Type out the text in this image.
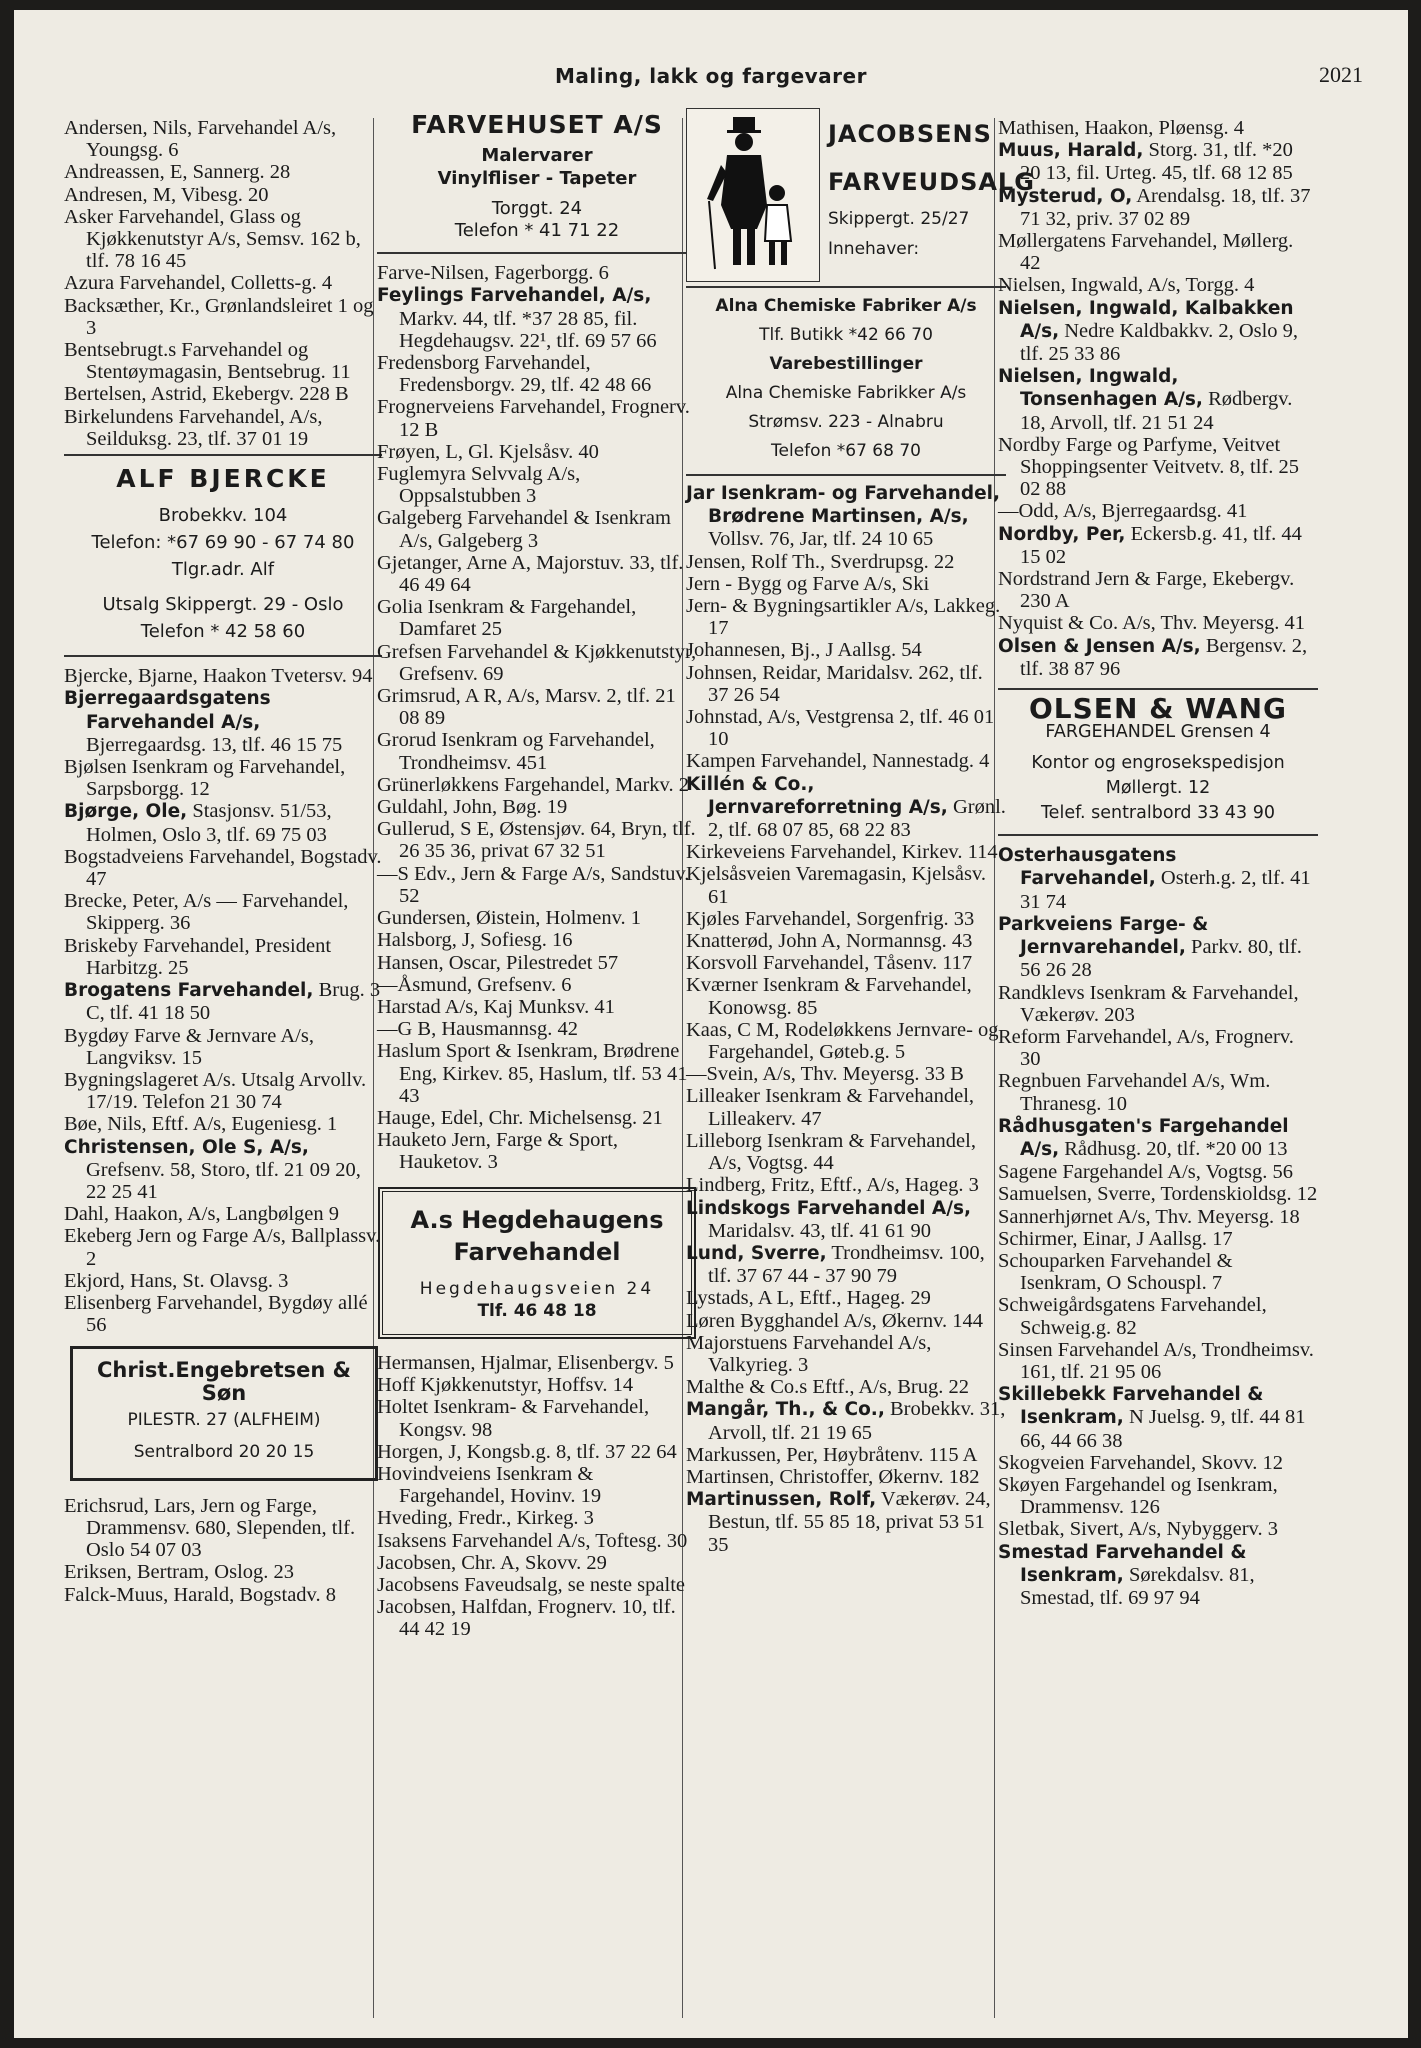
Maling, lakk og fargevarer	2021

Andersen, Nils, Farvehandel A/s, Youngsg. 6

Andreassen, E, Sannerg. 28

Andresen, M, Vibesg. 20

Asker Farvehandel, Glass og Kjøkkenutstyr A/s, Semsv. 162 b, tlf. 78 16 45

Azura Farvehandel, Colletts-g. 4

Backsæther, Kr., Grønlandsleiret 1 og 3

Bentsebrugt.s Farvehandel og Stentøymagasin, Bentsebrug. 11

Bertelsen, Astrid, Ekebergv. 228 B

Birkelundens Farvehandel, A/s, Seilduksg. 23, tlf. 37 01 19

ALF BJERCKE
Brobekkv. 104
Telefon: *67 69 90 - 67 74 80
Tlgr.adr. Alf
Utsalg Skippergt. 29 - Oslo
Telefon * 42 58 60

Bjercke, Bjarne, Haakon Tvetersv. 94

Bjerregaardsgatens Farvehandel A/s, Bjerregaardsg. 13, tlf. 46 15 75

Bjølsen Isenkram og Farvehandel, Sarpsborgg. 12

Bjørge, Ole, Stasjonsv. 51/53, Holmen, Oslo 3, tlf. 69 75 03

Bogstadveiens Farvehandel, Bogstadv. 47

Brecke, Peter, A/s — Farvehandel, Skipperg. 36

Briskeby Farvehandel, President Harbitzg. 25

Brogatens Farvehandel, Brug. 3 C, tlf. 41 18 50

Bygdøy Farve & Jernvare A/s, Langviksv. 15

Bygningslageret A/s. Utsalg Arvollv. 17/19. Telefon 21 30 74

Bøe, Nils, Eftf. A/s, Eugeniesg. 1

Christensen, Ole S, A/s, Grefsenv. 58, Storo, tlf. 21 09 20, 22 25 41

Dahl, Haakon, A/s, Langbølgen 9

Ekeberg Jern og Farge A/s, Ballplassv. 2

Ekjord, Hans, St. Olavsg. 3

Elisenberg Farvehandel, Bygdøy allé 56

Christ.Engebretsen & Søn
PILESTR. 27 (ALFHEIM)
Sentralbord 20 20 15

Erichsrud, Lars, Jern og Farge, Drammensv. 680, Slependen, tlf. Oslo 54 07 03

Eriksen, Bertram, Oslog. 23

Falck-Muus, Harald, Bogstadv. 8

FARVEHUSET A/S
Malervarer
Vinylfliser - Tapeter
Torggt. 24
Telefon * 41 71 22

Farve-Nilsen, Fagerborgg. 6

Feylings Farvehandel, A/s, Markv. 44, tlf. *37 28 85, fil. Hegdehaugsv. 22¹, tlf. 69 57 66

Fredensborg Farvehandel, Fredensborgv. 29, tlf. 42 48 66

Frognerveiens Farvehandel, Frognerv. 12 B

Frøyen, L, Gl. Kjelsåsv. 40

Fuglemyra Selvvalg A/s, Oppsalstubben 3

Galgeberg Farvehandel & Isenkram A/s, Galgeberg 3

Gjetanger, Arne A, Majorstuv. 33, tlf. 46 49 64

Golia Isenkram & Fargehandel, Damfaret 25

Grefsen Farvehandel & Kjøkkenutstyr, Grefsenv. 69

Grimsrud, A R, A/s, Marsv. 2, tlf. 21 08 89

Grorud Isenkram og Farvehandel, Trondheimsv. 451

Grünerløkkens Fargehandel, Markv. 2

Guldahl, John, Bøg. 19

Gullerud, S E, Østensjøv. 64, Bryn, tlf. 26 35 36, privat 67 32 51

—S Edv., Jern & Farge A/s, Sandstuv. 52

Gundersen, Øistein, Holmenv. 1

Halsborg, J, Sofiesg. 16

Hansen, Oscar, Pilestredet 57

—Åsmund, Grefsenv. 6

Harstad A/s, Kaj Munksv. 41

—G B, Hausmannsg. 42

Haslum Sport & Isenkram, Brødrene Eng, Kirkev. 85, Haslum, tlf. 53 41 43

Hauge, Edel, Chr. Michelsensg. 21

Hauketo Jern, Farge & Sport, Hauketov. 3

A.s Hegdehaugens
Farvehandel
Hegdehaugsveien 24
Tlf. 46 48 18

Hermansen, Hjalmar, Elisenbergv. 5

Hoff Kjøkkenutstyr, Hoffsv. 14

Holtet Isenkram- & Farvehandel, Kongsv. 98

Horgen, J, Kongsb.g. 8, tlf. 37 22 64

Hovindveiens Isenkram & Fargehandel, Hovinv. 19

Hveding, Fredr., Kirkeg. 3

Isaksens Farvehandel A/s, Toftesg. 30

Jacobsen, Chr. A, Skovv. 29

Jacobsens Faveudsalg, se neste spalte

Jacobsen, Halfdan, Frognerv. 10, tlf. 44 42 19

JACOBSENS
FARVEUDSALG
Skippergt. 25/27
Innehaver:
Alna Chemiske Fabriker A/s
Tlf. Butikk *42 66 70
Varebestillinger
Alna Chemiske Fabrikker A/s
Strømsv. 223 - Alnabru
Telefon *67 68 70

Jar Isenkram- og Farvehandel, Brødrene Martinsen, A/s, Vollsv. 76, Jar, tlf. 24 10 65

Jensen, Rolf Th., Sverdrupsg. 22

Jern - Bygg og Farve A/s, Ski

Jern- & Bygningsartikler A/s, Lakkeg. 17

Johannesen, Bj., J Aallsg. 54

Johnsen, Reidar, Maridalsv. 262, tlf. 37 26 54

Johnstad, A/s, Vestgrensa 2, tlf. 46 01 10

Kampen Farvehandel, Nannestadg. 4

Killén & Co., Jernvareforretning A/s, Grønl. 2, tlf. 68 07 85, 68 22 83

Kirkeveiens Farvehandel, Kirkev. 114

Kjelsåsveien Varemagasin, Kjelsåsv. 61

Kjøles Farvehandel, Sorgenfrig. 33

Knatterød, John A, Normannsg. 43

Korsvoll Farvehandel, Tåsenv. 117

Kværner Isenkram & Farvehandel, Konowsg. 85

Kaas, C M, Rodeløkkens Jernvare- og Fargehandel, Gøteb.g. 5

—Svein, A/s, Thv. Meyersg. 33 B

Lilleaker Isenkram & Farvehandel, Lilleakerv. 47

Lilleborg Isenkram & Farvehandel, A/s, Vogtsg. 44

Lindberg, Fritz, Eftf., A/s, Hageg. 3

Lindskogs Farvehandel A/s, Maridalsv. 43, tlf. 41 61 90

Lund, Sverre, Trondheimsv. 100, tlf. 37 67 44 - 37 90 79

Lystads, A L, Eftf., Hageg. 29

Løren Bygghandel A/s, Økernv. 144

Majorstuens Farvehandel A/s, Valkyrieg. 3

Malthe & Co.s Eftf., A/s, Brug. 22

Mangår, Th., & Co., Brobekkv. 31, Arvoll, tlf. 21 19 65

Markussen, Per, Høybråtenv. 115 A

Martinsen, Christoffer, Økernv. 182

Martinussen, Rolf, Vækerøv. 24, Bestun, tlf. 55 85 18, privat 53 51 35

Mathisen, Haakon, Pløensg. 4

Muus, Harald, Storg. 31, tlf. *20 20 13, fil. Urteg. 45, tlf. 68 12 85

Mysterud, O, Arendalsg. 18, tlf. 37 71 32, priv. 37 02 89

Møllergatens Farvehandel, Møllerg. 42

Nielsen, Ingwald, A/s, Torgg. 4

Nielsen, Ingwald, Kalbakken A/s, Nedre Kaldbakkv. 2, Oslo 9, tlf. 25 33 86

Nielsen, Ingwald, Tonsenhagen A/s, Rødbergv. 18, Arvoll, tlf. 21 51 24

Nordby Farge og Parfyme, Veitvet Shoppingsenter Veitvetv. 8, tlf. 25 02 88

—Odd, A/s, Bjerregaardsg. 41

Nordby, Per, Eckersb.g. 41, tlf. 44 15 02

Nordstrand Jern & Farge, Ekebergv. 230 A

Nyquist & Co. A/s, Thv. Meyersg. 41

Olsen & Jensen A/s, Bergensv. 2, tlf. 38 87 96

OLSEN & WANG
FARGEHANDEL Grensen 4
Kontor og engrosekspedisjon
Møllergt. 12
Telef. sentralbord 33 43 90

Osterhausgatens Farvehandel, Osterh.g. 2, tlf. 41 31 74

Parkveiens Farge- & Jernvarehandel, Parkv. 80, tlf. 56 26 28

Randklevs Isenkram & Farvehandel, Vækerøv. 203

Reform Farvehandel, A/s, Frognerv. 30

Regnbuen Farvehandel A/s, Wm. Thranesg. 10

Rådhusgaten's Fargehandel A/s, Rådhusg. 20, tlf. *20 00 13

Sagene Fargehandel A/s, Vogtsg. 56

Samuelsen, Sverre, Tordenskioldsg. 12

Sannerhjørnet A/s, Thv. Meyersg. 18

Schirmer, Einar, J Aallsg. 17

Schouparken Farvehandel & Isenkram, O Schouspl. 7

Schweigårdsgatens Farvehandel, Schweig.g. 82

Sinsen Farvehandel A/s, Trondheimsv. 161, tlf. 21 95 06

Skillebekk Farvehandel & Isenkram, N Juelsg. 9, tlf. 44 81 66, 44 66 38

Skogveien Farvehandel, Skovv. 12

Skøyen Fargehandel og Isenkram, Drammensv. 126

Sletbak, Sivert, A/s, Nybyggerv. 3

Smestad Farvehandel & Isenkram, Sørekdalsv. 81, Smestad, tlf. 69 97 94
